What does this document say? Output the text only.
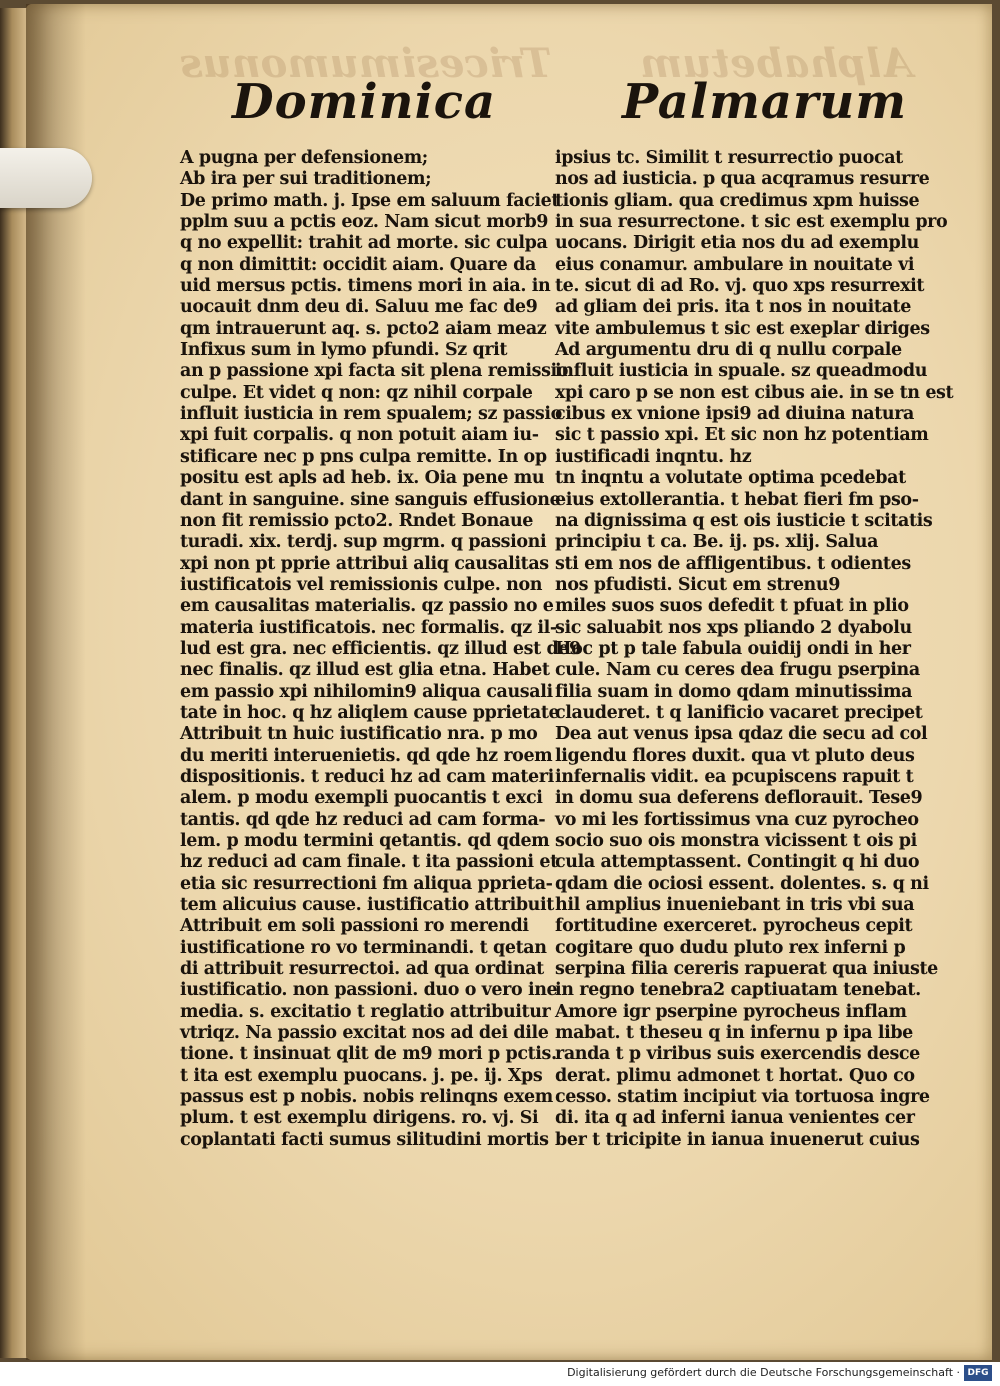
Tricesimumonus Alphabetum
Dominica	Palmarum
A pugna per defensionem;
Ab ira per sui traditionem;
De primo math. j. Ipse em saluum faciet
pplm suu a pctis eoz. Nam sicut morb9
q no expellit: trahit ad morte. sic culpa
q non dimittit: occidit aiam. Quare da
uid mersus pctis. timens mori in aia. in
uocauit dnm deu di. Saluu me fac de9
qm intrauerunt aq. s. pcto2 aiam meaz
Infixus sum in lymo pfundi. Sz qrit
an p passione xpi facta sit plena remissio
culpe. Et videt q non: qz nihil corpale
influit iusticia in rem spualem; sz passio
xpi fuit corpalis. q non potuit aiam iu-
stificare nec p pns culpa remitte. In op
positu est apls ad heb. ix. Oia pene mu
dant in sanguine. sine sanguis effusione
non fit remissio pcto2. Rndet Bonaue
turadi. xix. terdj. sup mgrm. q passioni
xpi non pt pprie attribui aliq causalitas
iustificatois vel remissionis culpe. non
em causalitas materialis. qz passio no e
materia iustificatois. nec formalis. qz il-
lud est gra. nec efficientis. qz illud est de9
nec finalis. qz illud est glia etna. Habet
em passio xpi nihilomin9 aliqua causali
tate in hoc. q hz aliqlem cause pprietate
Attribuit tn huic iustificatio nra. p mo
du meriti interuenietis. qd qde hz roem
dispositionis. t reduci hz ad cam materi
alem. p modu exempli puocantis t exci
tantis. qd qde hz reduci ad cam forma-
lem. p modu termini qetantis. qd qdem
hz reduci ad cam finale. t ita passioni et
etia sic resurrectioni fm aliqua pprieta-
tem alicuius cause. iustificatio attribuit
Attribuit em soli passioni ro merendi
iustificatione ro vo terminandi. t qetan
di attribuit resurrectoi. ad qua ordinat
iustificatio. non passioni. duo o vero ine
media. s. excitatio t reglatio attribuitur
vtriqz. Na passio excitat nos ad dei dile
tione. t insinuat qlit de m9 mori p pctis.
t ita est exemplu puocans. j. pe. ij. Xps
passus est p nobis. nobis relinqns exem
plum. t est exemplu dirigens. ro. vj. Si
coplantati facti sumus silitudini mortis
ipsius tc. Similit t resurrectio puocat
nos ad iusticia. p qua acqramus resurre
tionis gliam. qua credimus xpm huisse
in sua resurrectone. t sic est exemplu pro
uocans. Dirigit etia nos du ad exemplu
eius conamur. ambulare in nouitate vi
te. sicut di ad Ro. vj. quo xps resurrexit
ad gliam dei pris. ita t nos in nouitate
vite ambulemus t sic est exeplar diriges
Ad argumentu dru di q nullu corpale
influit iusticia in spuale. sz queadmodu
xpi caro p se non est cibus aie. in se tn est
cibus ex vnione ipsi9 ad diuina natura
sic t passio xpi. Et sic non hz potentiam
iustificadi inqntu. hz
tn inqntu a volutate optima pcedebat
eius extollerantia. t hebat fieri fm pso-
na dignissima q est ois iusticie t scitatis
principiu t ca. Be. ij. ps. xlij. Salua
sti em nos de affligentibus. t odientes
nos pfudisti. Sicut em strenu9
miles suos suos defedit t pfuat in plio
sic saluabit nos xps pliando 2 dyabolu
Hoc pt p tale fabula ouidij ondi in her
cule. Nam cu ceres dea frugu pserpina
filia suam in domo qdam minutissima
clauderet. t q lanificio vacaret precipet
Dea aut venus ipsa qdaz die secu ad col
ligendu flores duxit. qua vt pluto deus
infernalis vidit. ea pcupiscens rapuit t
in domu sua deferens deflorauit. Tese9
vo mi les fortissimus vna cuz pyrocheo
socio suo ois monstra vicissent t ois pi
cula attemptassent. Contingit q hi duo
qdam die ociosi essent. dolentes. s. q ni
hil amplius inueniebant in tris vbi sua
fortitudine exerceret. pyrocheus cepit
cogitare quo dudu pluto rex inferni p
serpina filia cereris rapuerat qua iniuste
in regno tenebra2 captiuatam tenebat.
Amore igr pserpine pyrocheus inflam
mabat. t theseu q in infernu p ipa libe
randa t p viribus suis exercendis desce
derat. plimu admonet t hortat. Quo co
cesso. statim incipiut via tortuosa ingre
di. ita q ad inferni ianua venientes cer
ber t tricipite in ianua inuenerut cuius
Digitalisierung gefördert durch die Deutsche Forschungsgemeinschaft · DFG
